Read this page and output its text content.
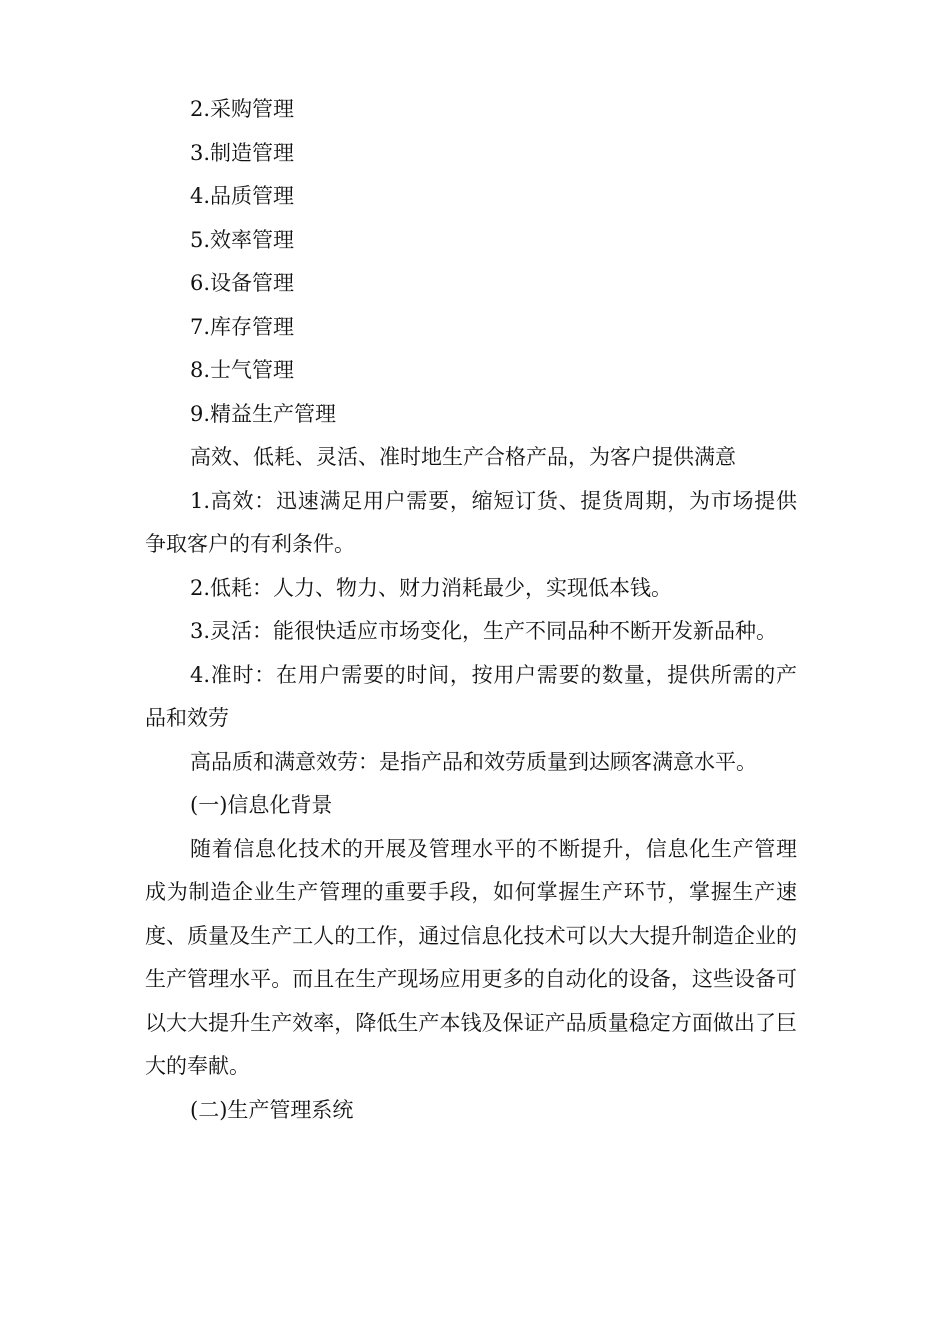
2.采购管理

3.制造管理

4.品质管理

5.效率管理

6.设备管理

7.库存管理

8.士气管理

9.精益生产管理

高效、低耗、灵活、准时地生产合格产品，为客户提供满意

1.高效：迅速满足用户需要，缩短订货、提货周期，为市场提供争取客户的有利条件。

2.低耗：人力、物力、财力消耗最少，实现低本钱。

3.灵活：能很快适应市场变化，生产不同品种不断开发新品种。

4.准时：在用户需要的时间，按用户需要的数量，提供所需的产品和效劳

高品质和满意效劳：是指产品和效劳质量到达顾客满意水平。

(一)信息化背景

随着信息化技术的开展及管理水平的不断提升，信息化生产管理成为制造企业生产管理的重要手段，如何掌握生产环节，掌握生产速度、质量及生产工人的工作，通过信息化技术可以大大提升制造企业的生产管理水平。而且在生产现场应用更多的自动化的设备，这些设备可以大大提升生产效率，降低生产本钱及保证产品质量稳定方面做出了巨大的奉献。

(二)生产管理系统
